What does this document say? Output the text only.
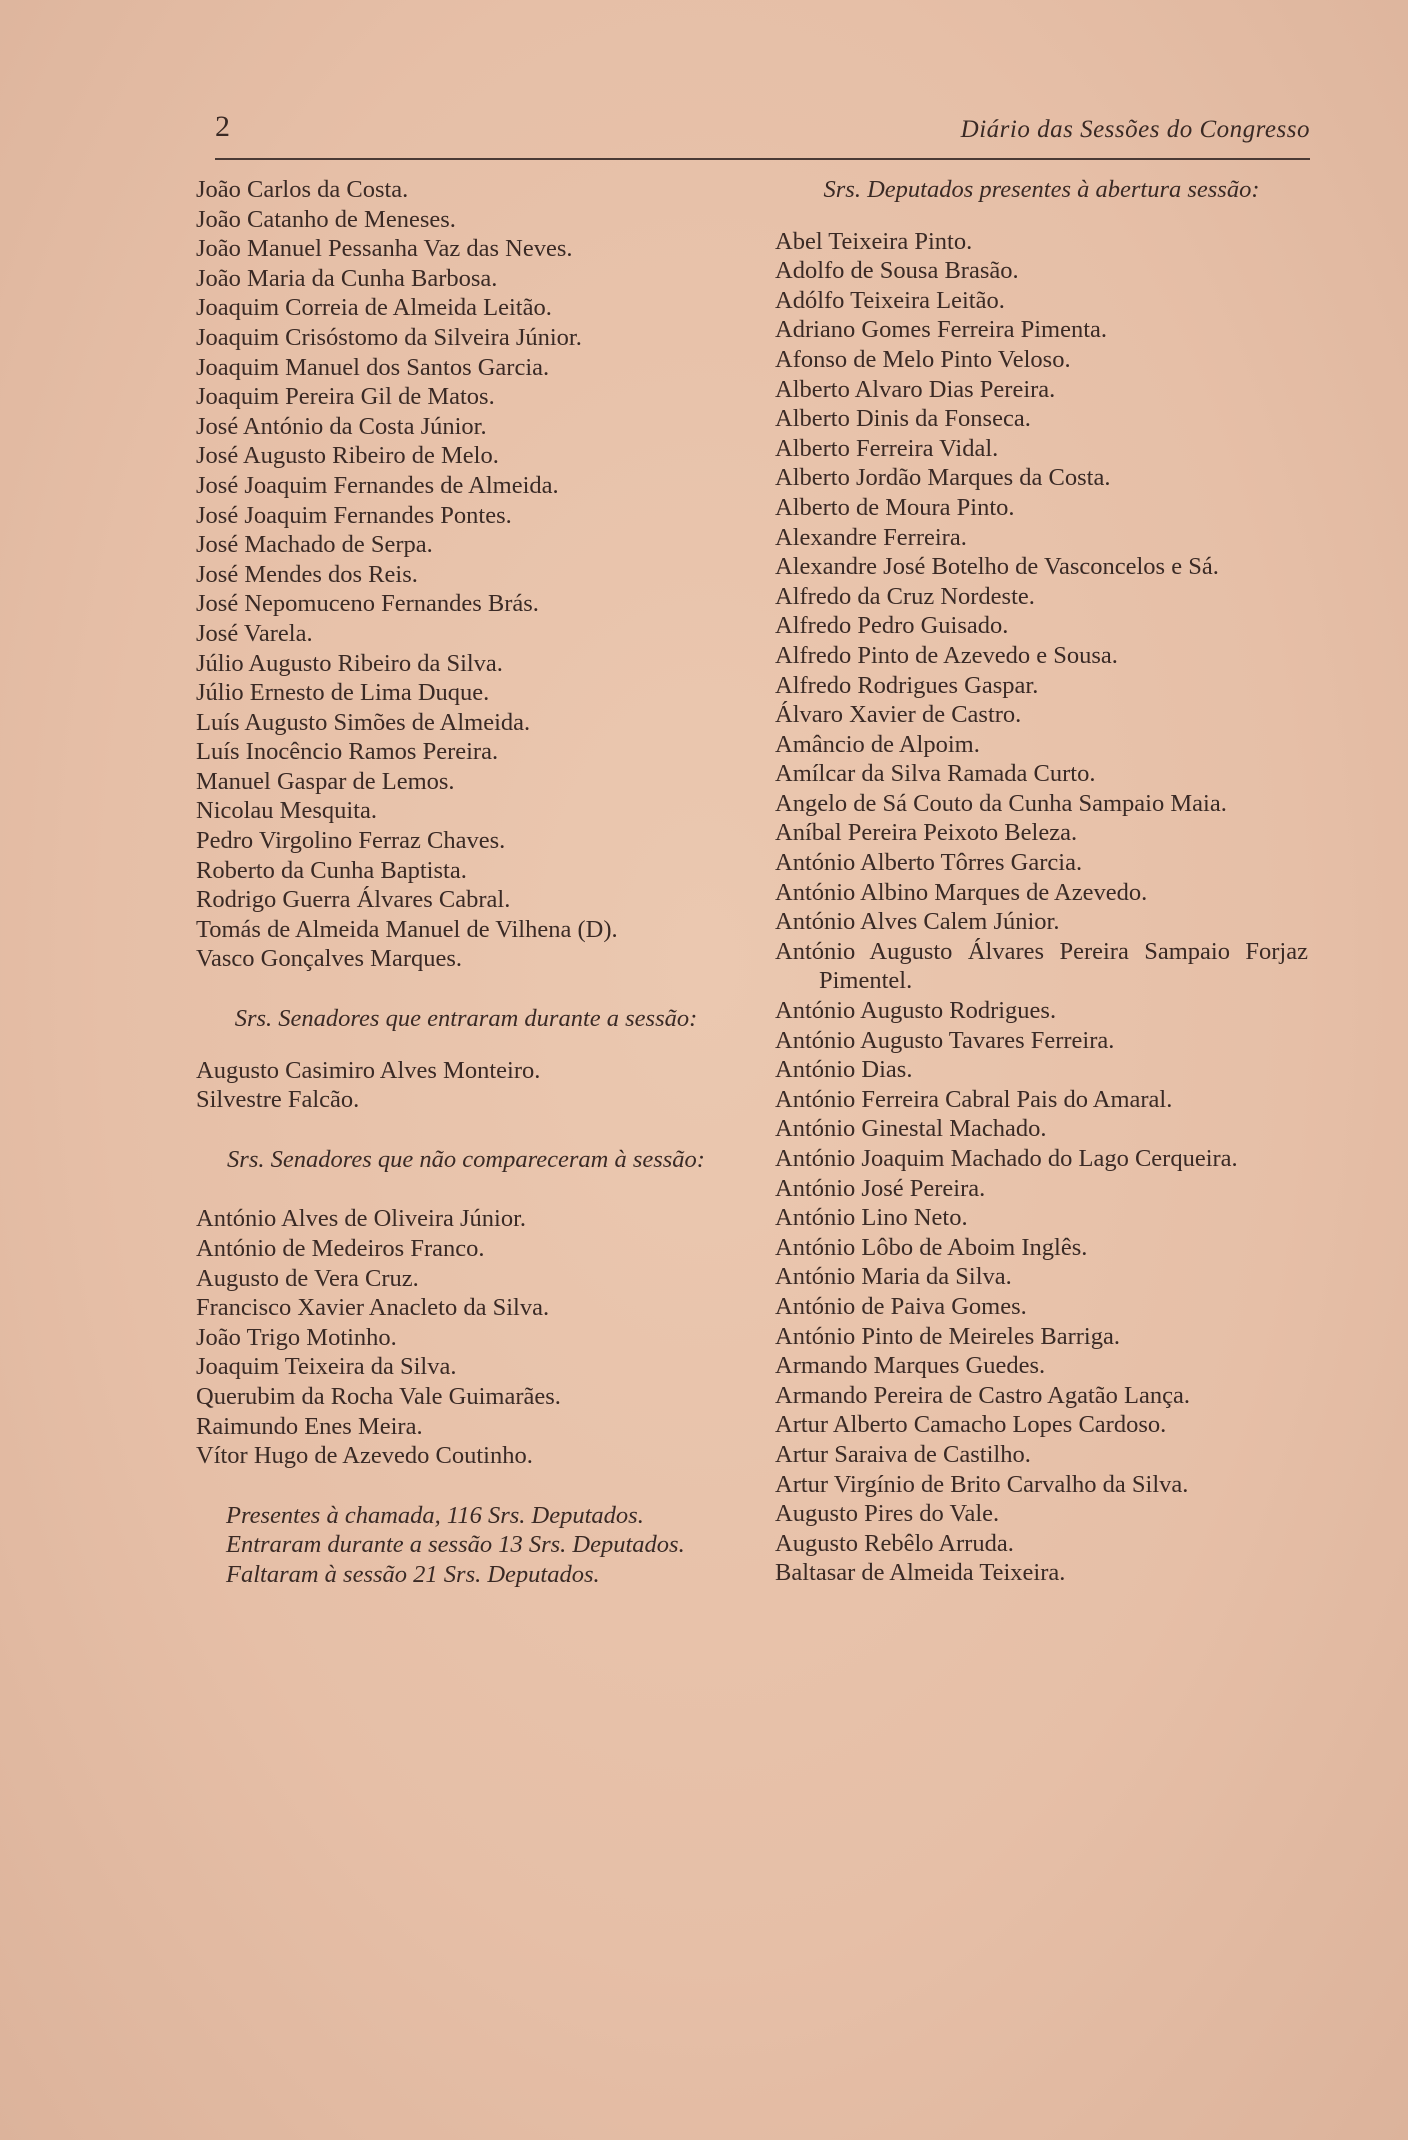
2	Diário das Sessões do Congresso
João Carlos da Costa.
João Catanho de Meneses.
João Manuel Pessanha Vaz das Neves.
João Maria da Cunha Barbosa.
Joaquim Correia de Almeida Leitão.
Joaquim Crisóstomo da Silveira Júnior.
Joaquim Manuel dos Santos Garcia.
Joaquim Pereira Gil de Matos.
José António da Costa Júnior.
José Augusto Ribeiro de Melo.
José Joaquim Fernandes de Almeida.
José Joaquim Fernandes Pontes.
José Machado de Serpa.
José Mendes dos Reis.
José Nepomuceno Fernandes Brás.
José Varela.
Júlio Augusto Ribeiro da Silva.
Júlio Ernesto de Lima Duque.
Luís Augusto Simões de Almeida.
Luís Inocêncio Ramos Pereira.
Manuel Gaspar de Lemos.
Nicolau Mesquita.
Pedro Virgolino Ferraz Chaves.
Roberto da Cunha Baptista.
Rodrigo Guerra Álvares Cabral.
Tomás de Almeida Manuel de Vilhena (D).
Vasco Gonçalves Marques.

Srs. Senadores que entraram durante a sessão:

Augusto Casimiro Alves Monteiro.
Silvestre Falcão.

Srs. Senadores que não compareceram à sessão:

António Alves de Oliveira Júnior.
António de Medeiros Franco.
Augusto de Vera Cruz.
Francisco Xavier Anacleto da Silva.
João Trigo Motinho.
Joaquim Teixeira da Silva.
Querubim da Rocha Vale Guimarães.
Raimundo Enes Meira.
Vítor Hugo de Azevedo Coutinho.

Presentes à chamada, 116 Srs. Deputados.

Entraram durante a sessão 13 Srs. Deputados.

Faltaram à sessão 21 Srs. Deputados.

Srs. Deputados presentes à abertura sessão:

Abel Teixeira Pinto.
Adolfo de Sousa Brasão.
Adólfo Teixeira Leitão.
Adriano Gomes Ferreira Pimenta.
Afonso de Melo Pinto Veloso.
Alberto Alvaro Dias Pereira.
Alberto Dinis da Fonseca.
Alberto Ferreira Vidal.
Alberto Jordão Marques da Costa.
Alberto de Moura Pinto.
Alexandre Ferreira.
Alexandre José Botelho de Vasconcelos e Sá.
Alfredo da Cruz Nordeste.
Alfredo Pedro Guisado.
Alfredo Pinto de Azevedo e Sousa.
Alfredo Rodrigues Gaspar.
Álvaro Xavier de Castro.
Amâncio de Alpoim.
Amílcar da Silva Ramada Curto.
Angelo de Sá Couto da Cunha Sampaio Maia.
Aníbal Pereira Peixoto Beleza.
António Alberto Tôrres Garcia.
António Albino Marques de Azevedo.
António Alves Calem Júnior.
António Augusto Álvares Pereira Sampaio Forjaz Pimentel.
António Augusto Rodrigues.
António Augusto Tavares Ferreira.
António Dias.
António Ferreira Cabral Pais do Amaral.
António Ginestal Machado.
António Joaquim Machado do Lago Cerqueira.
António José Pereira.
António Lino Neto.
António Lôbo de Aboim Inglês.
António Maria da Silva.
António de Paiva Gomes.
António Pinto de Meireles Barriga.
Armando Marques Guedes.
Armando Pereira de Castro Agatão Lança.
Artur Alberto Camacho Lopes Cardoso.
Artur Saraiva de Castilho.
Artur Virgínio de Brito Carvalho da Silva.
Augusto Pires do Vale.
Augusto Rebêlo Arruda.
Baltasar de Almeida Teixeira.
